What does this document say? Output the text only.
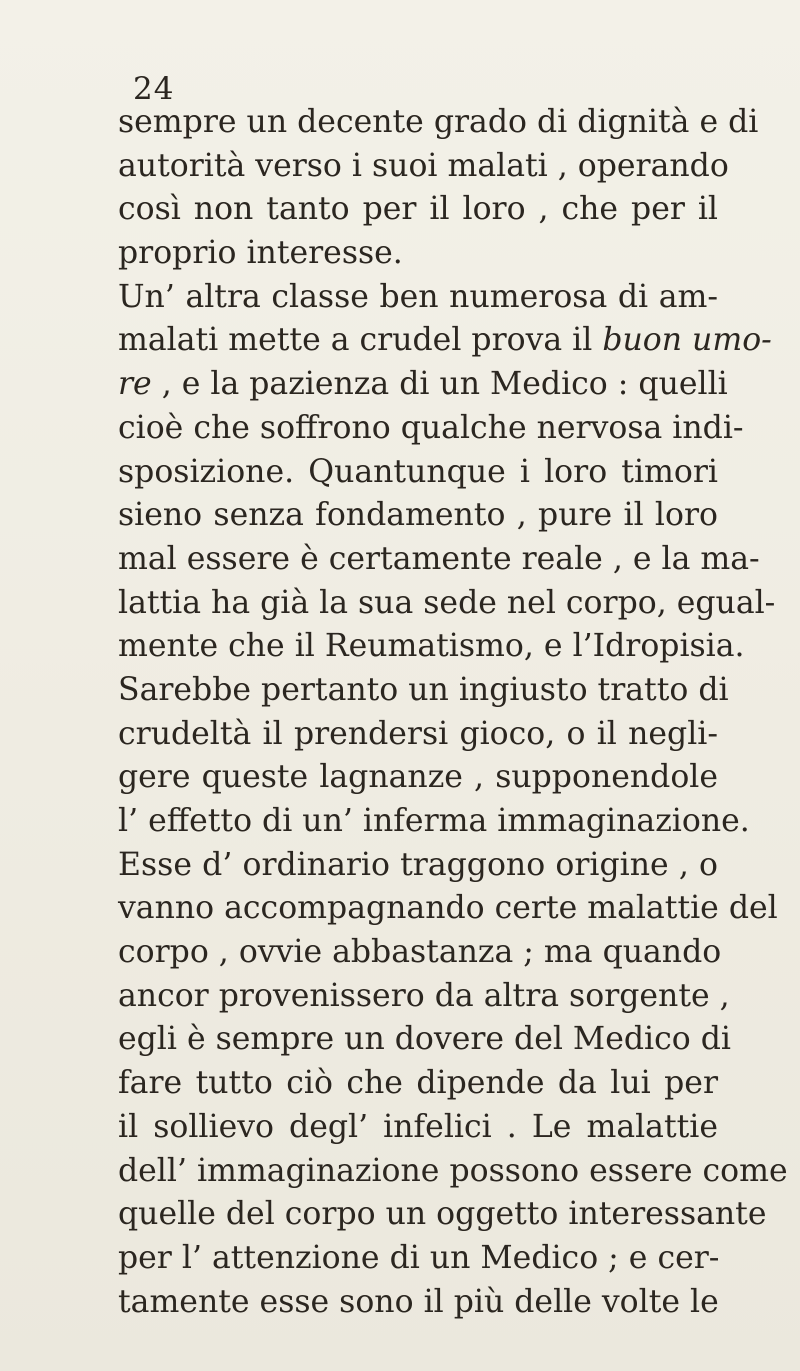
24
sempre un decente grado di dignità e di
autorità verso i suoi malati , operando
così non tanto per il loro , che per il
proprio interesse.
Un’ altra classe ben numerosa di am-
malati mette a crudel prova il buon umo-
re , e la pazienza di un Medico : quelli
cioè che soffrono qualche nervosa indi-
sposizione. Quantunque i loro timori
sieno senza fondamento , pure il loro
mal essere è certamente reale , e la ma-
lattia ha già la sua sede nel corpo, egual-
mente che il Reumatismo, e l’Idropisia.
Sarebbe pertanto un ingiusto tratto di
crudeltà il prendersi gioco, o il negli-
gere queste lagnanze , supponendole
l’ effetto di un’ inferma immaginazione.
Esse d’ ordinario traggono origine , o
vanno accompagnando certe malattie del
corpo , ovvie abbastanza ; ma quando
ancor provenissero da altra sorgente ,
egli è sempre un dovere del Medico di
fare tutto ciò che dipende da lui per
il sollievo degl’ infelici . Le malattie
dell’ immaginazione possono essere come
quelle del corpo un oggetto interessante
per l’ attenzione di un Medico ; e cer-
tamente esse sono il più delle volte le
